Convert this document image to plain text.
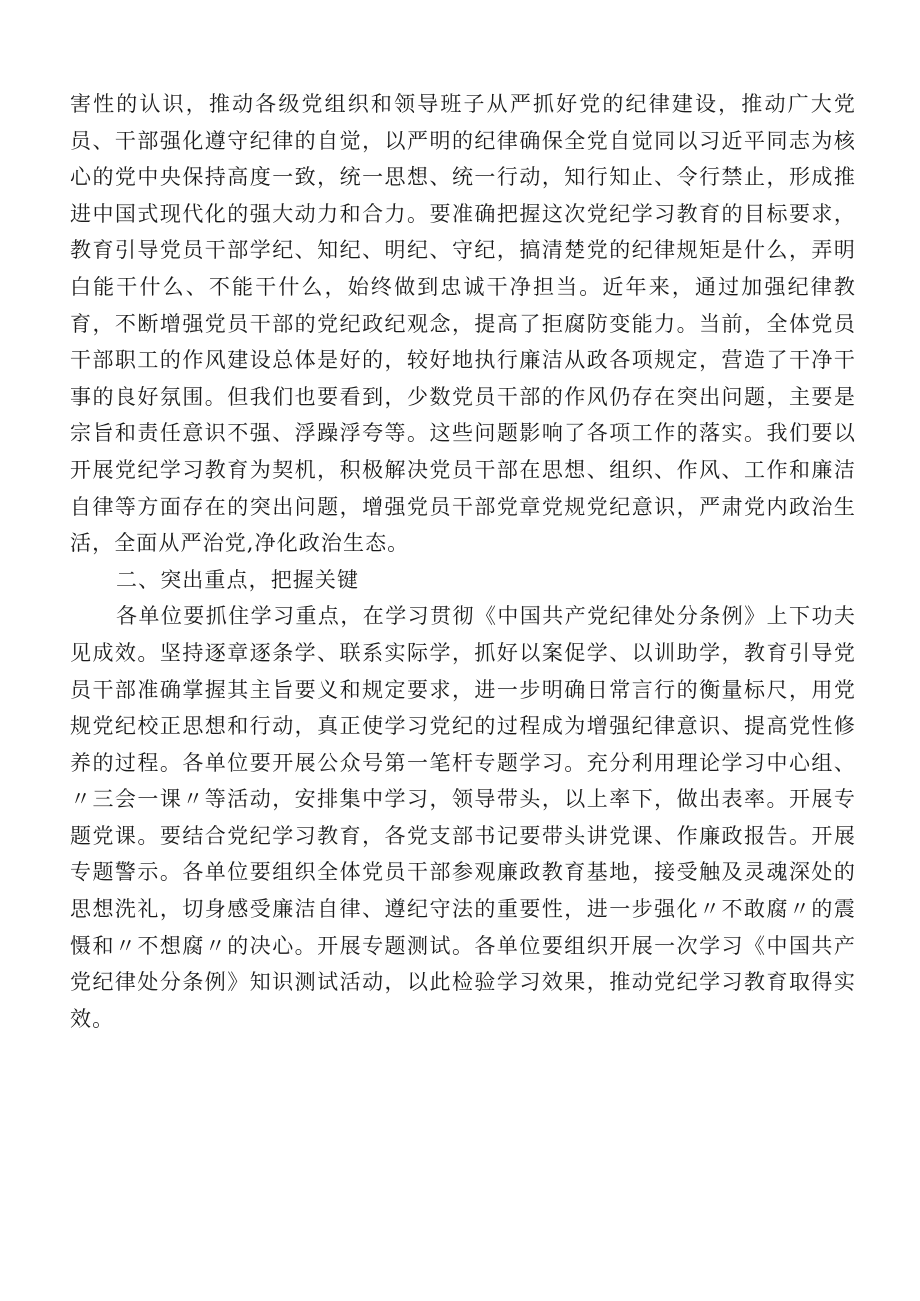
害性的认识，推动各级党组织和领导班子从严抓好党的纪律建设，推动广大党员、干部强化遵守纪律的自觉，以严明的纪律确保全党自觉同以习近平同志为核心的党中央保持高度一致，统一思想、统一行动，知行知止、令行禁止，形成推进中国式现代化的强大动力和合力。要准确把握这次党纪学习教育的目标要求，教育引导党员干部学纪、知纪、明纪、守纪，搞清楚党的纪律规矩是什么，弄明白能干什么、不能干什么，始终做到忠诚干净担当。近年来，通过加强纪律教育，不断增强党员干部的党纪政纪观念，提高了拒腐防变能力。当前，全体党员干部职工的作风建设总体是好的，较好地执行廉洁从政各项规定，营造了干净干事的良好氛围。但我们也要看到，少数党员干部的作风仍存在突出问题，主要是宗旨和责任意识不强、浮躁浮夸等。这些问题影响了各项工作的落实。我们要以开展党纪学习教育为契机，积极解决党员干部在思想、组织、作风、工作和廉洁自律等方面存在的突出问题，增强党员干部党章党规党纪意识，严肃党内政治生活，全面从严治党,净化政治生态。

二、突出重点，把握关键

各单位要抓住学习重点，在学习贯彻《中国共产党纪律处分条例》上下功夫见成效。坚持逐章逐条学、联系实际学，抓好以案促学、以训助学，教育引导党员干部准确掌握其主旨要义和规定要求，进一步明确日常言行的衡量标尺，用党规党纪校正思想和行动，真正使学习党纪的过程成为增强纪律意识、提高党性修养的过程。各单位要开展公众号第一笔杆专题学习。充分利用理论学习中心组、〃三会一课〃等活动，安排集中学习，领导带头，以上率下，做出表率。开展专题党课。要结合党纪学习教育，各党支部书记要带头讲党课、作廉政报告。开展专题警示。各单位要组织全体党员干部参观廉政教育基地，接受触及灵魂深处的思想洗礼，切身感受廉洁自律、遵纪守法的重要性，进一步强化〃不敢腐〃的震慑和〃不想腐〃的决心。开展专题测试。各单位要组织开展一次学习《中国共产党纪律处分条例》知识测试活动，以此检验学习效果，推动党纪学习教育取得实效。
